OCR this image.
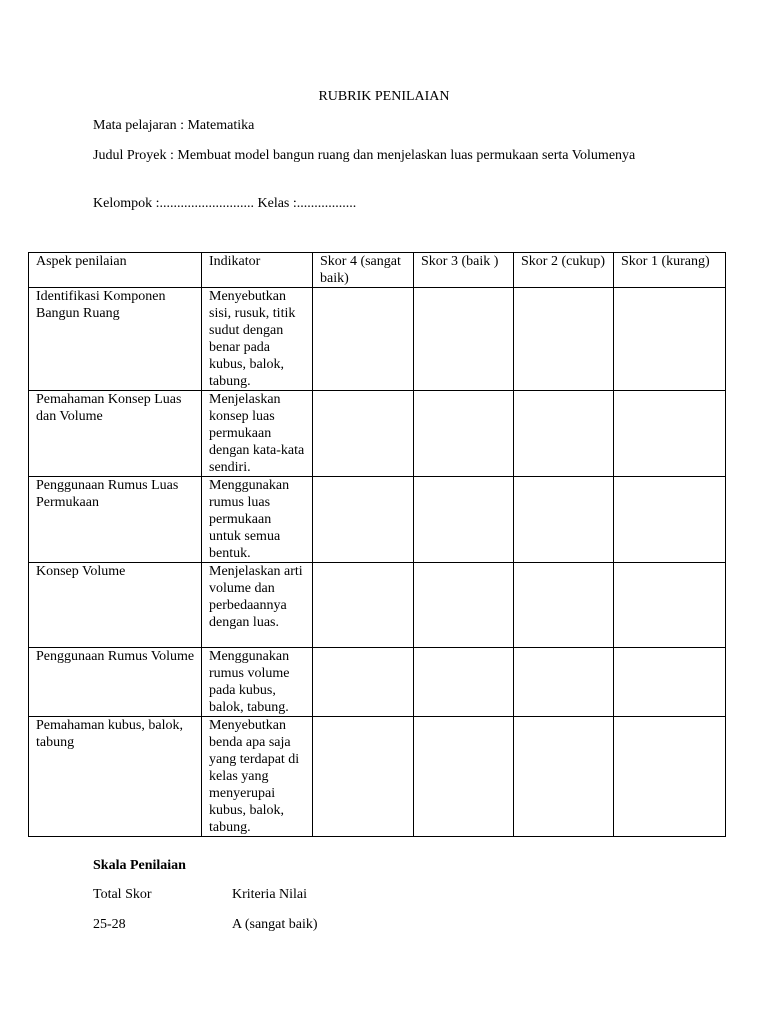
RUBRIK PENILAIAN
Mata pelajaran : Matematika
Judul Proyek : Membuat model bangun ruang dan menjelaskan luas permukaan serta Volumenya
Kelompok :........................... Kelas :.................
Aspek penilaian	Indikator	Skor 4 (sangat baik)	Skor 3 (baik )	Skor 2 (cukup)	Skor 1 (kurang)
Identifikasi Komponen Bangun Ruang	Menyebutkan sisi, rusuk, titik sudut dengan benar pada kubus, balok, tabung.				
Pemahaman Konsep Luas dan Volume	Menjelaskan konsep luas permukaan dengan kata-kata sendiri.				
Penggunaan Rumus Luas Permukaan	Menggunakan rumus luas permukaan untuk semua bentuk.				
Konsep Volume	Menjelaskan arti volume dan perbedaannya dengan luas.				
Penggunaan Rumus Volume	Menggunakan rumus volume pada kubus, balok, tabung.				
Pemahaman kubus, balok, tabung	Menyebutkan benda apa saja yang terdapat di kelas yang menyerupai kubus, balok, tabung.				
Skala Penilaian
Total Skor	Kriteria Nilai
25-28	A (sangat baik)
